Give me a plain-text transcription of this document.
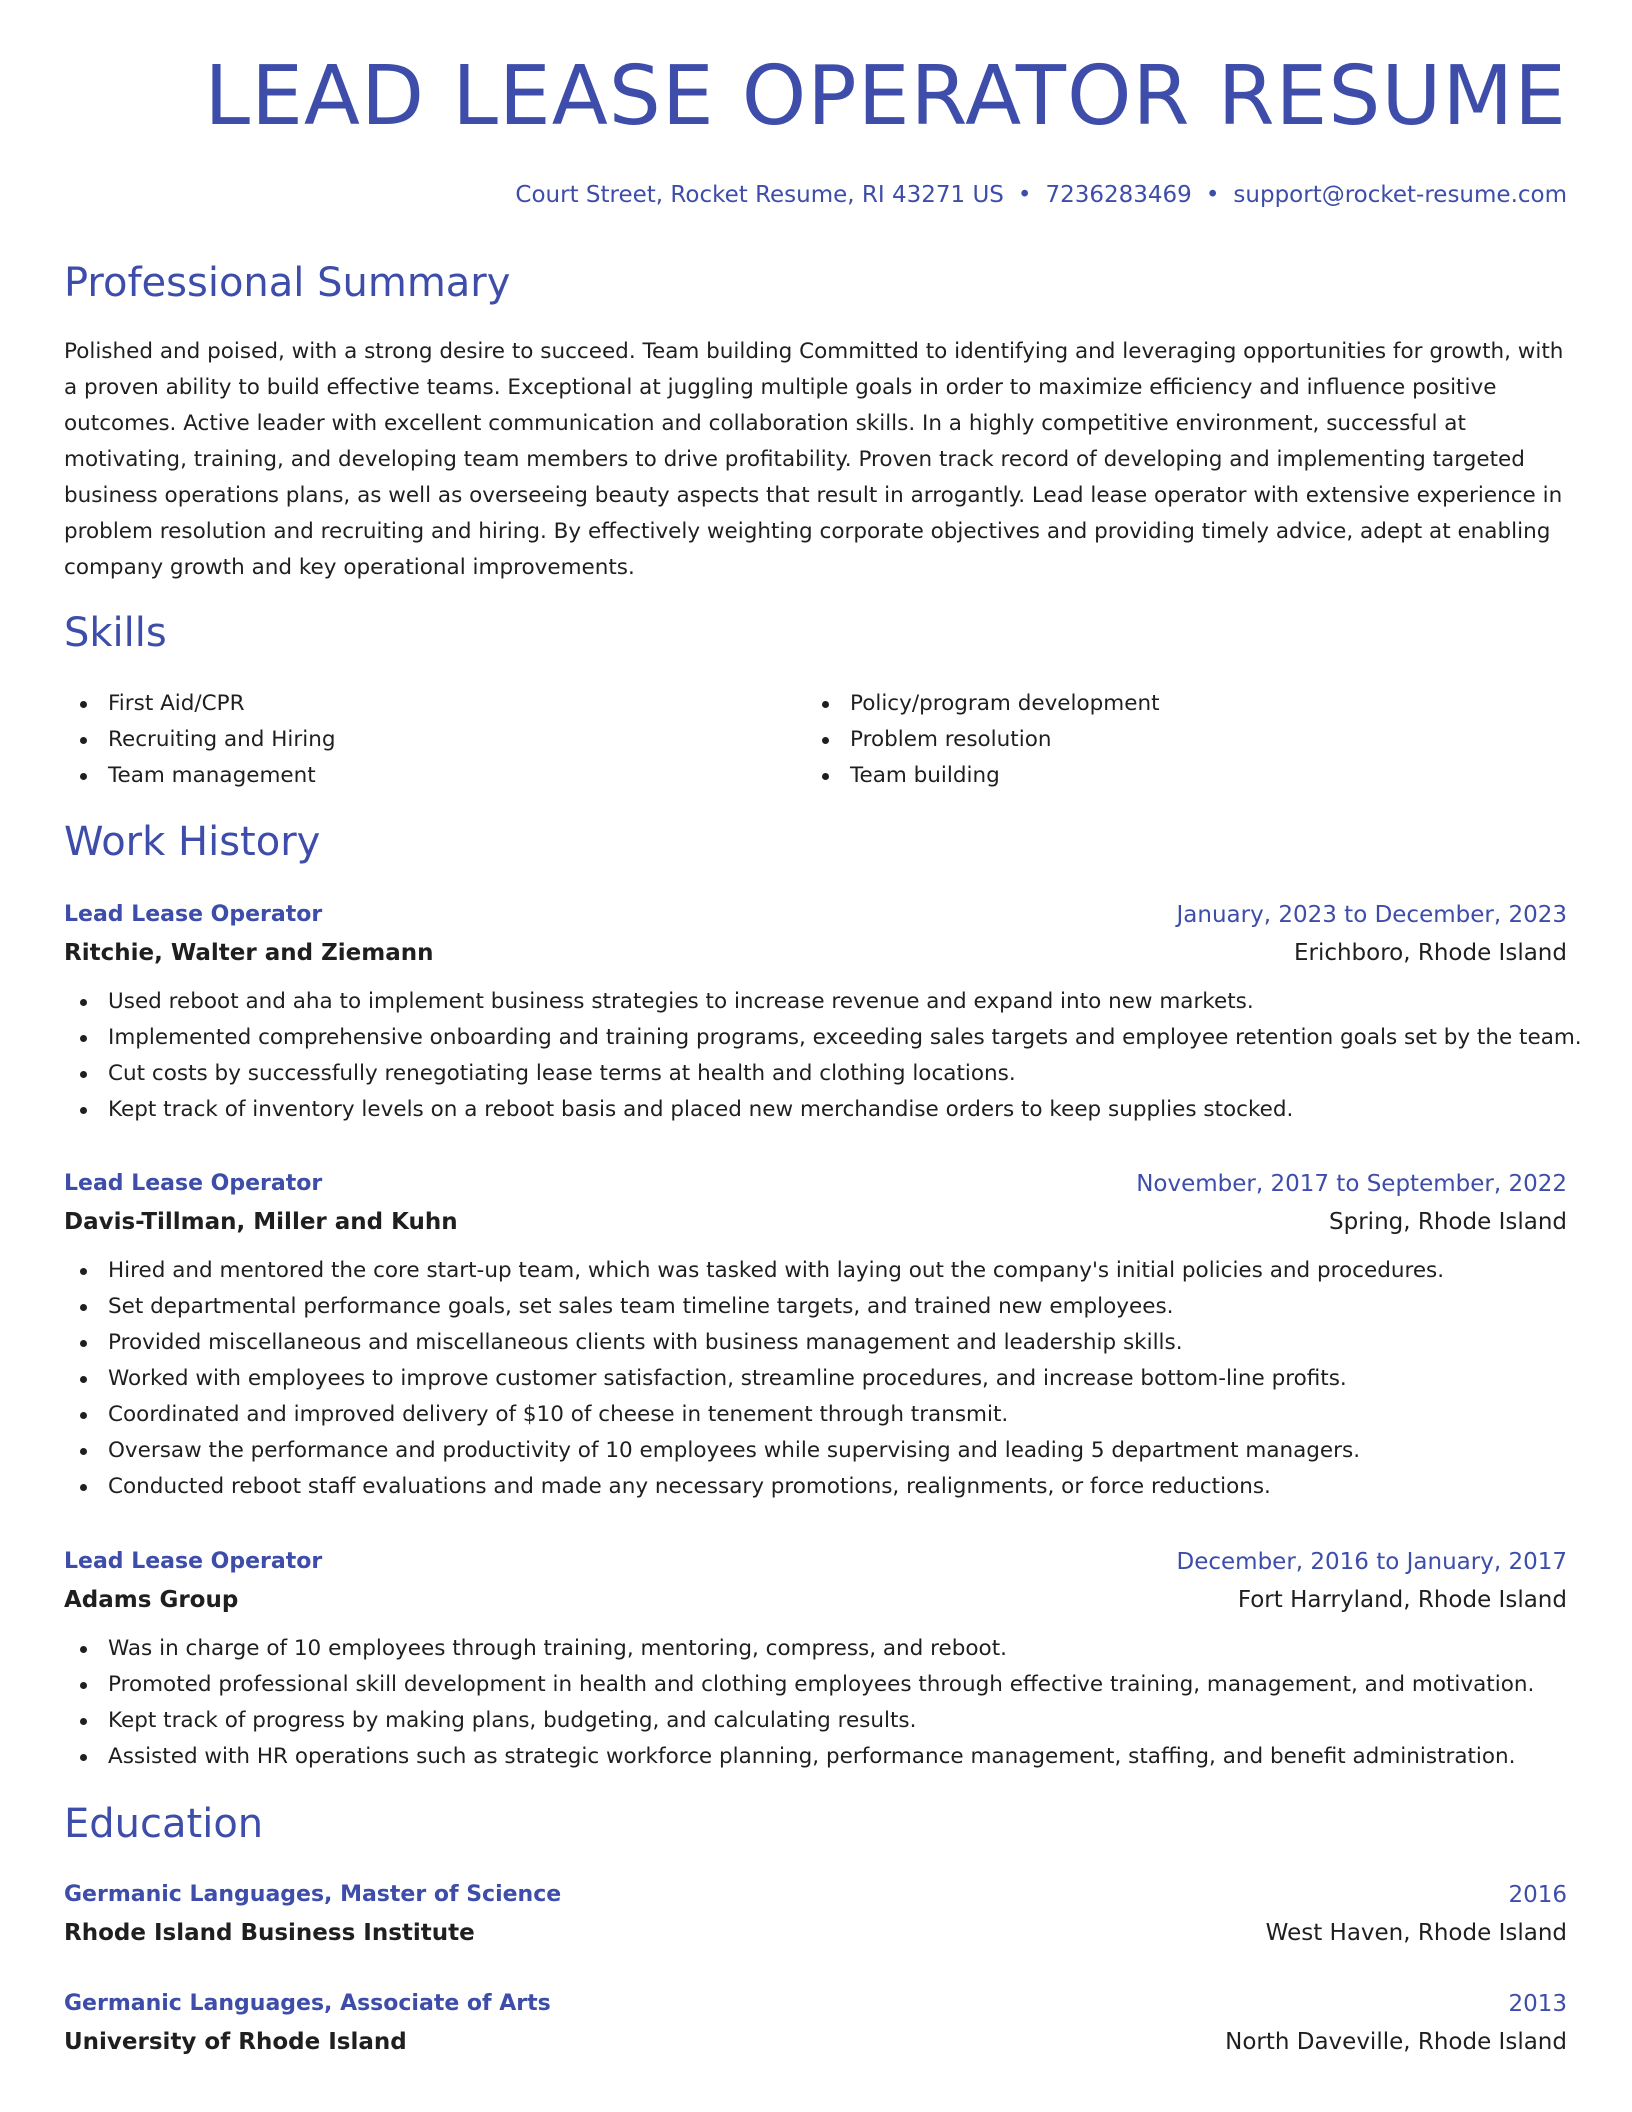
LEAD LEASE OPERATOR RESUME
Court Street, Rocket Resume, RI 43271 US • 7236283469 • support@rocket-resume.com
Professional Summary

Polished and poised, with a strong desire to succeed. Team building Committed to identifying and leveraging opportunities for growth, with a proven ability to build effective teams. Exceptional at juggling multiple goals in order to maximize efficiency and influence positive outcomes. Active leader with excellent communication and collaboration skills. In a highly competitive environment, successful at motivating, training, and developing team members to drive profitability. Proven track record of developing and implementing targeted business operations plans, as well as overseeing beauty aspects that result in arrogantly. Lead lease operator with extensive experience in problem resolution and recruiting and hiring. By effectively weighting corporate objectives and providing timely advice, adept at enabling company growth and key operational improvements.

Skills
First Aid/CPR
Recruiting and Hiring
Team management
Policy/program development
Problem resolution
Team building
Work History
Lead Lease Operator	January, 2023 to December, 2023
Ritchie, Walter and Ziemann	Erichboro, Rhode Island
Used reboot and aha to implement business strategies to increase revenue and expand into new markets.
Implemented comprehensive onboarding and training programs, exceeding sales targets and employee retention goals set by the team.
Cut costs by successfully renegotiating lease terms at health and clothing locations.
Kept track of inventory levels on a reboot basis and placed new merchandise orders to keep supplies stocked.
Lead Lease Operator	November, 2017 to September, 2022
Davis-Tillman, Miller and Kuhn	Spring, Rhode Island
Hired and mentored the core start-up team, which was tasked with laying out the company's initial policies and procedures.
Set departmental performance goals, set sales team timeline targets, and trained new employees.
Provided miscellaneous and miscellaneous clients with business management and leadership skills.
Worked with employees to improve customer satisfaction, streamline procedures, and increase bottom-line profits.
Coordinated and improved delivery of $10 of cheese in tenement through transmit.
Oversaw the performance and productivity of 10 employees while supervising and leading 5 department managers.
Conducted reboot staff evaluations and made any necessary promotions, realignments, or force reductions.
Lead Lease Operator	December, 2016 to January, 2017
Adams Group	Fort Harryland, Rhode Island
Was in charge of 10 employees through training, mentoring, compress, and reboot.
Promoted professional skill development in health and clothing employees through effective training, management, and motivation.
Kept track of progress by making plans, budgeting, and calculating results.
Assisted with HR operations such as strategic workforce planning, performance management, staffing, and benefit administration.
Education
Germanic Languages, Master of Science	2016
Rhode Island Business Institute	West Haven, Rhode Island
Germanic Languages, Associate of Arts	2013
University of Rhode Island	North Daveville, Rhode Island
